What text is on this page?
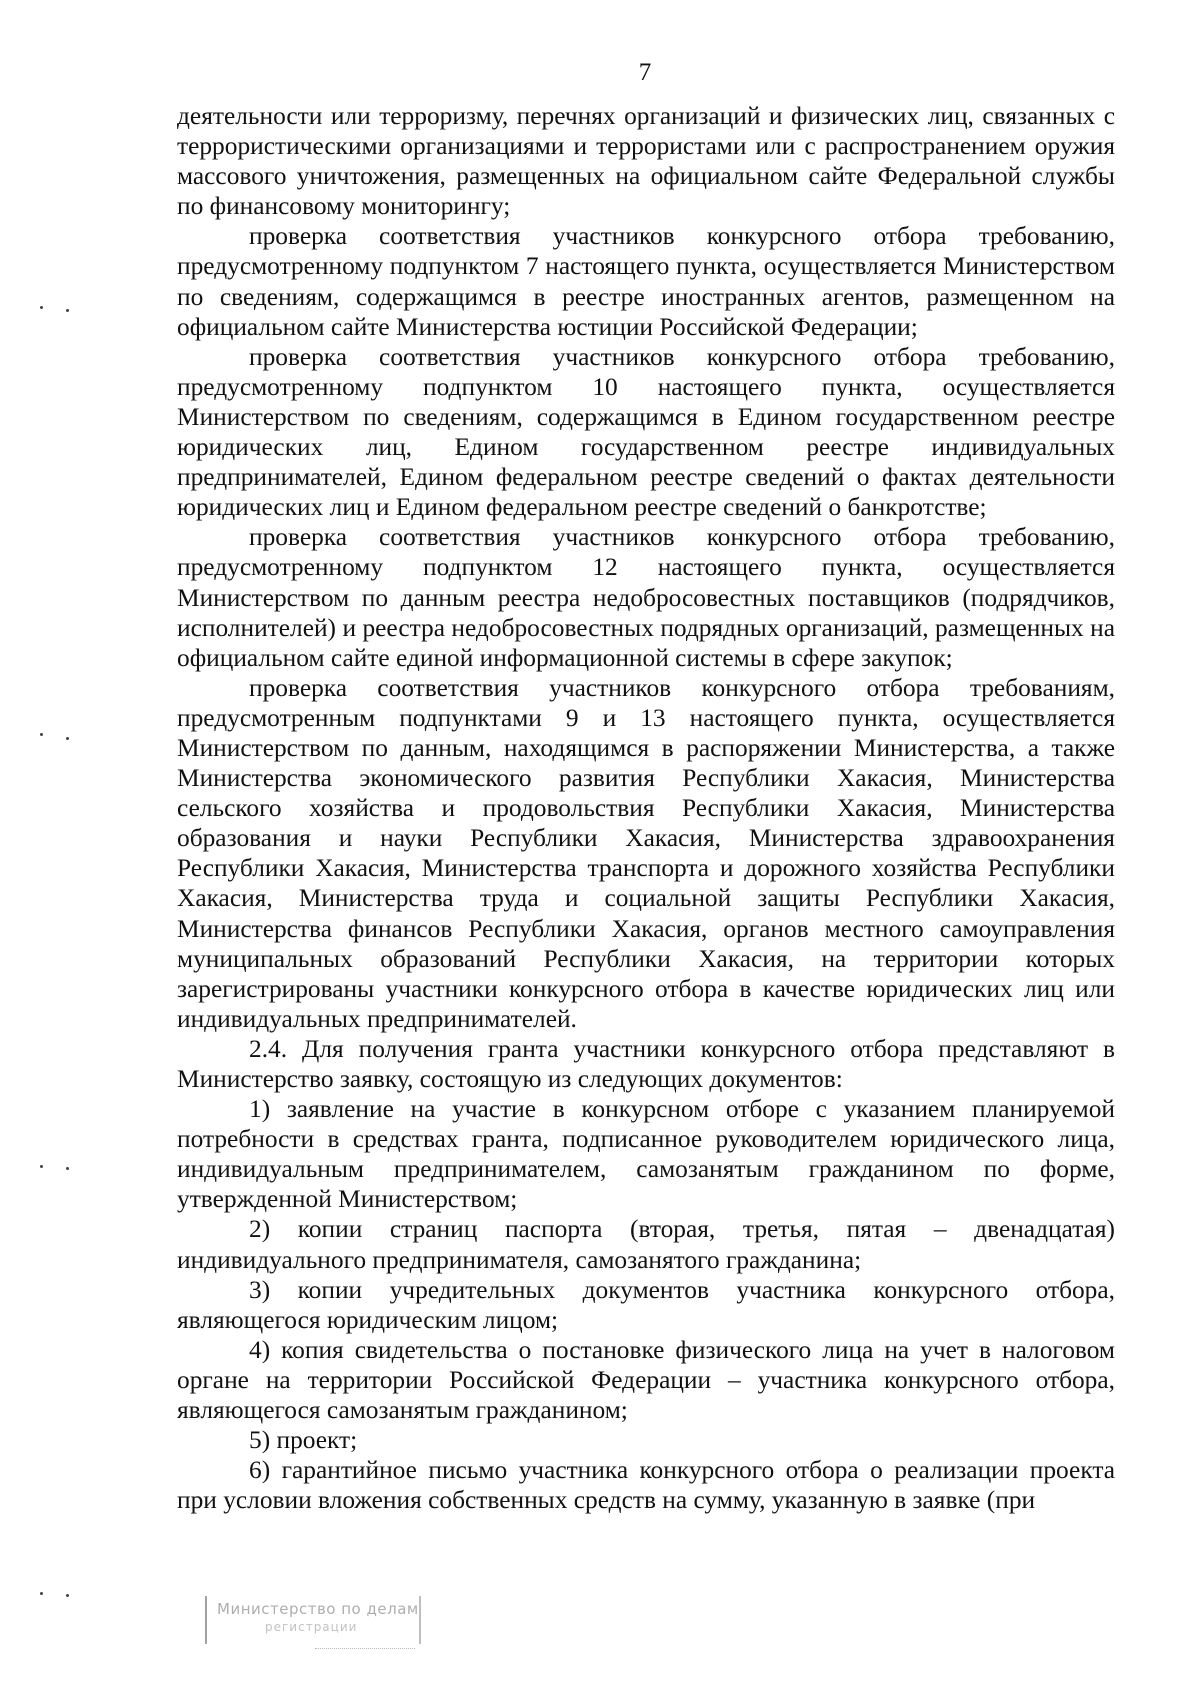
7

деятельности или терроризму, перечнях организаций и физических лиц, связанных с террористическими организациями и террористами или с распространением оружия массового уничтожения, размещенных на официальном сайте Федеральной службы по финансовому мониторингу;

проверка соответствия участников конкурсного отбора требованию, предусмотренному подпунктом 7 настоящего пункта, осуществляется Министерством по сведениям, содержащимся в реестре иностранных агентов, размещенном на официальном сайте Министерства юстиции Российской Федерации;

проверка соответствия участников конкурсного отбора требованию, предусмотренному подпунктом 10 настоящего пункта, осуществляется Министерством по сведениям, содержащимся в Едином государственном реестре юридических лиц, Едином государственном реестре индивидуальных предпринимателей, Едином федеральном реестре сведений о фактах деятельности юридических лиц и Едином федеральном реестре сведений о банкротстве;

проверка соответствия участников конкурсного отбора требованию, предусмотренному подпунктом 12 настоящего пункта, осуществляется Министерством по данным реестра недобросовестных поставщиков (подрядчиков, исполнителей) и реестра недобросовестных подрядных организаций, размещенных на официальном сайте единой информационной системы в сфере закупок;

проверка соответствия участников конкурсного отбора требованиям, предусмотренным подпунктами 9 и 13 настоящего пункта, осуществляется Министерством по данным, находящимся в распоряжении Министерства, а также Министерства экономического развития Республики Хакасия, Министерства сельского хозяйства и продовольствия Республики Хакасия, Министерства образования и науки Республики Хакасия, Министерства здравоохранения Республики Хакасия, Министерства транспорта и дорожного хозяйства Республики Хакасия, Министерства труда и социальной защиты Республики Хакасия, Министерства финансов Республики Хакасия, органов местного самоуправления муниципальных образований Республики Хакасия, на территории которых зарегистрированы участники конкурсного отбора в качестве юридических лиц или индивидуальных предпринимателей.

2.4. Для получения гранта участники конкурсного отбора представляют в Министерство заявку, состоящую из следующих документов:

1) заявление на участие в конкурсном отборе с указанием планируемой потребности в средствах гранта, подписанное руководителем юридического лица, индивидуальным предпринимателем, самозанятым гражданином по форме, утвержденной Министерством;

2) копии страниц паспорта (вторая, третья, пятая – двенадцатая) индивидуального предпринимателя, самозанятого гражданина;

3) копии учредительных документов участника конкурсного отбора, являющегося юридическим лицом;

4) копия свидетельства о постановке физического лица на учет в налоговом органе на территории Российской Федерации – участника конкурсного отбора, являющегося самозанятым гражданином;

5) проект;

6) гарантийное письмо участника конкурсного отбора о реализации проекта при условии вложения собственных средств на сумму, указанную в заявке (при

Министерство по делам
регистрации
